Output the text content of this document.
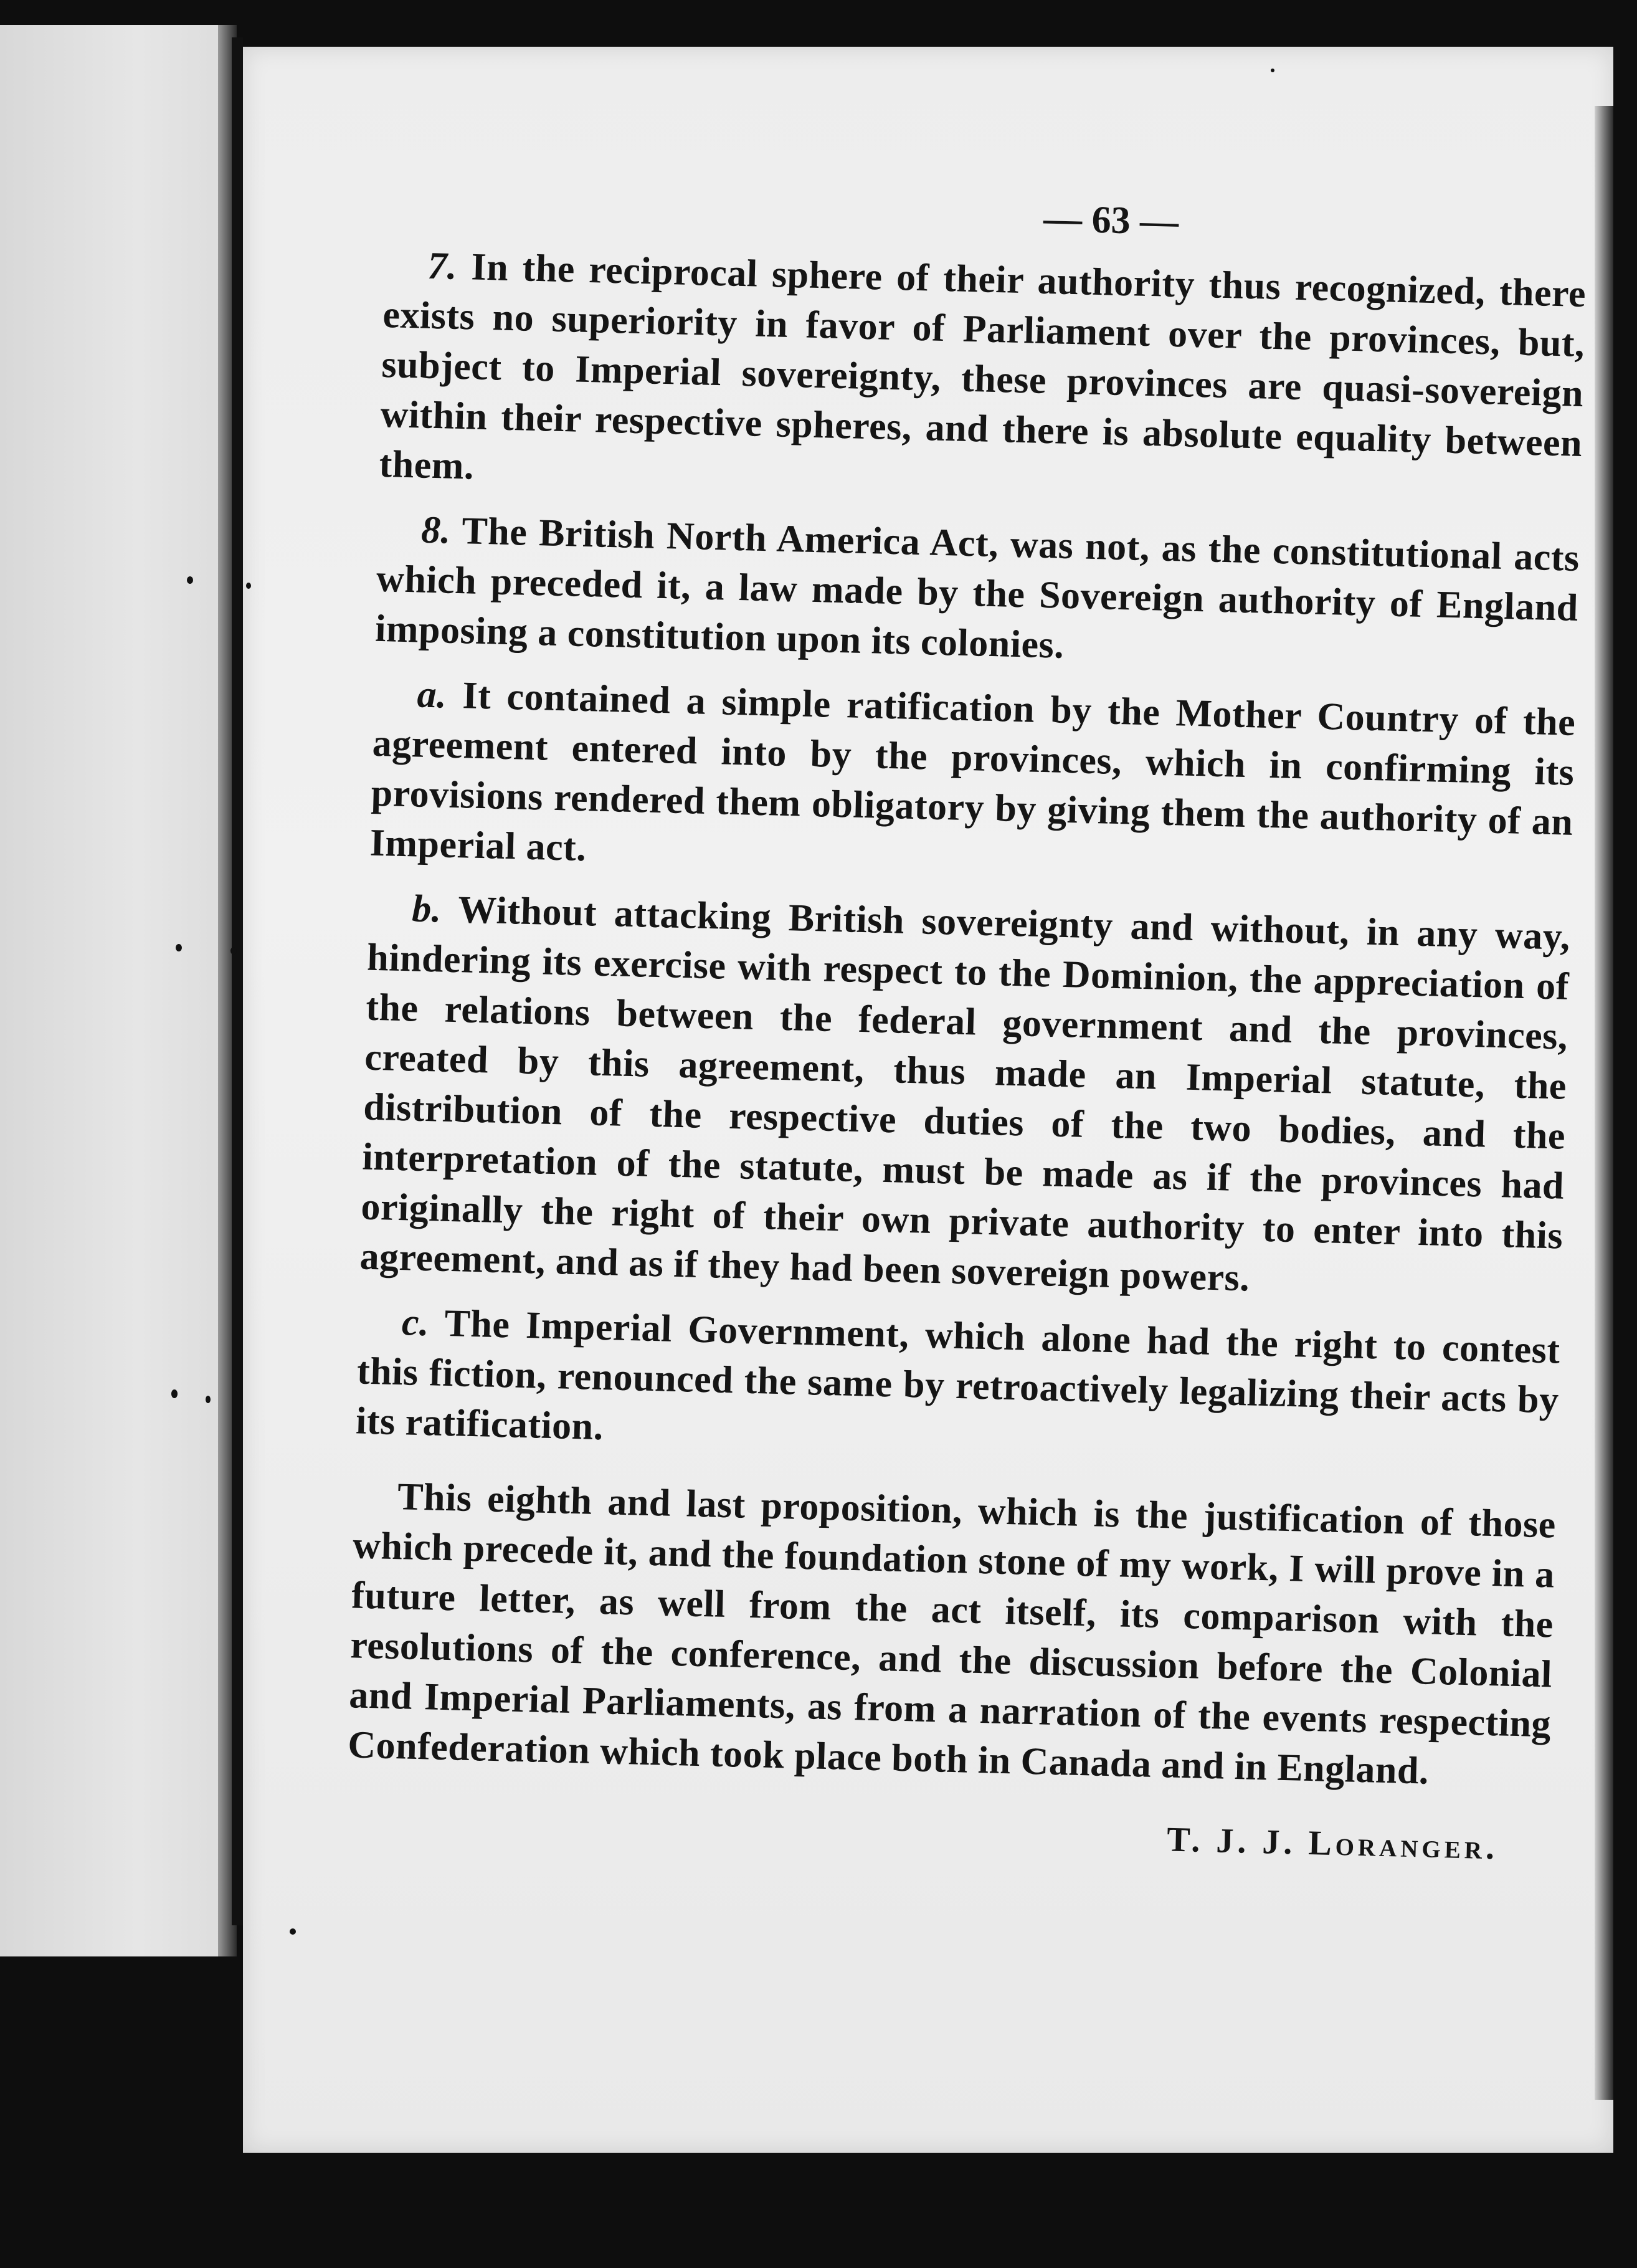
— 63 —

7. In the reciprocal sphere of their authority thus recognized, there exists no superiority in favor of Parliament over the provinces, but, subject to Imperial sovereignty, these provinces are quasi-sovereign within their respective spheres, and there is absolute equality between them.

8. The British North America Act, was not, as the constitutional acts which preceded it, a law made by the Sovereign authority of England imposing a constitution upon its colonies.

a. It contained a simple ratification by the Mother Country of the agreement entered into by the provinces, which in confirming its provisions rendered them obligatory by giving them the authority of an Imperial act.

b. Without attacking British sovereignty and without, in any way, hindering its exercise with respect to the Dominion, the appreciation of the relations between the federal government and the provinces, created by this agreement, thus made an Imperial statute, the distribution of the respective duties of the two bodies, and the interpretation of the statute, must be made as if the provinces had originally the right of their own private authority to enter into this agreement, and as if they had been sovereign powers.

c. The Imperial Government, which alone had the right to contest this fiction, renounced the same by retroactively legalizing their acts by its ratification.

This eighth and last proposition, which is the justification of those which precede it, and the foundation stone of my work, I will prove in a future letter, as well from the act itself, its comparison with the resolutions of the conference, and the discussion before the Colonial and Imperial Parliaments, as from a narration of the events respecting Confederation which took place both in Canada and in England.

T. J. J. Loranger.
